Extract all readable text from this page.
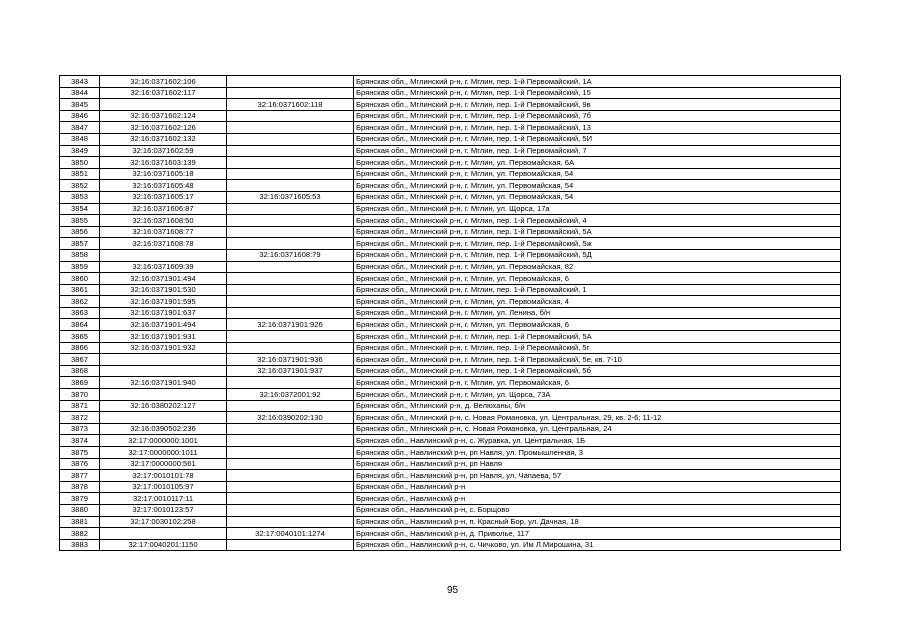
3843	32:16:0371602:106		Брянская обл., Мглинский р-н, г. Мглин, пер. 1-й Первомайский, 1А
3844	32:16:0371602:117		Брянская обл., Мглинский р-н, г. Мглин, пер. 1-й Первомайский, 15
3845		32:16:0371602:118	Брянская обл., Мглинский р-н, г. Мглин, пер. 1-й Первомайский, 9в
3846	32:16:0371602:124		Брянская обл., Мглинский р-н, г. Мглин, пер. 1-й Первомайский, 7б
3847	32:16:0371602:126		Брянская обл., Мглинский р-н, г. Мглин, пер. 1-й Первомайский, 13
3848	32:16:0371602:132		Брянская обл., Мглинский р-н, г. Мглин, пер. 1-й Первомайский, 5И
3849	32:16:0371602:59		Брянская обл., Мглинский р-н, г. Мглин, пер. 1-й Первомайский, 7
3850	32:16:0371603:139		Брянская обл., Мглинский р-н, г. Мглин, ул. Первомайская, 6А
3851	32:16:0371605:18		Брянская обл., Мглинский р-н, г. Мглин, ул. Первомайская, 54
3852	32:16:0371605:48		Брянская обл., Мглинский р-н, г. Мглин, ул. Первомайская, 54
3853	32:16:0371605:17	32:16:0371605:53	Брянская обл., Мглинский р-н, г. Мглин, ул. Первомайская, 54
3854	32:16:0371606:87		Брянская обл., Мглинский р-н, г. Мглин, ул. Щорса, 17а
3855	32:16:0371608:50		Брянская обл., Мглинский р-н, г. Мглин, пер. 1-й Первомайский, 4
3856	32:16:0371608:77		Брянская обл., Мглинский р-н, г. Мглин, пер. 1-й Первомайский, 5А
3857	32:16:0371608:78		Брянская обл., Мглинский р-н, г. Мглин, пер. 1-й Первомайский, 5ж
3858		32:16:0371608:79	Брянская обл., Мглинский р-н, г. Мглин, пер. 1-й Первомайский, 5Д
3859	32:16:0371609:39		Брянская обл., Мглинский р-н, г. Мглин, ул. Первомайская, 82
3860	32:16:0371901:494		Брянская обл., Мглинский р-н, г. Мглин, ул. Первомайская, 6
3861	32:16:0371901:530		Брянская обл., Мглинский р-н, г. Мглин, пер. 1-й Первомайский, 1
3862	32:16:0371901:595		Брянская обл., Мглинский р-н, г. Мглин, ул. Первомайская, 4
3863	32:16:0371901:637		Брянская обл., Мглинский р-н, г. Мглин, ул. Ленина, б/н
3864	32:16:0371901:494	32:16:0371901:926	Брянская обл., Мглинский р-н, г. Мглин, ул. Первомайская, 6
3865	32:16:0371901:931		Брянская обл., Мглинский р-н, г. Мглин, пер. 1-й Первомайский, 5А
3866	32:16:0371901:932		Брянская обл., Мглинский р-н, г. Мглин, пер. 1-й Первомайский, 5г
3867		32:16:0371901:936	Брянская обл., Мглинский р-н, г. Мглин, пер. 1-й Первомайский, 5е, кв. 7-10
3868		32:16:0371901:937	Брянская обл., Мглинский р-н, г. Мглин, пер. 1-й Первомайский, 5б
3869	32:16:0371901:940		Брянская обл., Мглинский р-н, г. Мглин, ул. Первомайская, 6
3870		32:16:0372001:92	Брянская обл., Мглинский р-н, г. Мглин, ул. Щорса, 73А
3871	32:16:0380202:127		Брянская обл., Мглинский р-н, д. Велюханы, б/н
3872		32:16:0390202:130	Брянская обл., Мглинский р-н, с. Новая Романовка, ул. Центральная, 29, кв. 2-6; 11-12
3873	32:16:0390502:236		Брянская обл., Мглинский р-н, с. Новая Романовка, ул. Центральная, 24
3874	32:17:0000000:1001		Брянская обл., Навлинский р-н, с. Журавка, ул. Центральная, 1Б
3875	32:17:0000000:1011		Брянская обл., Навлинский р-н, рп Навля, ул. Промышленная, 3
3876	32:17:0000000:561		Брянская обл., Навлинский р-н, рп Навля
3877	32:17:0010101:78		Брянская обл., Навлинский р-н, рп Навля, ул. Чапаева, 57
3878	32:17:0010105:97		Брянская обл., Навлинский р-н
3879	32:17:0010117:11		Брянская обл., Навлинский р-н
3880	32:17:0010123:57		Брянская обл., Навлинский р-н, с. Борщово
3881	32:17:0030102:258		Брянская обл., Навлинский р-н, п. Красный Бор, ул. Дачная, 18
3882		32:17:0040101:1274	Брянская обл., Навлинский р-н, д. Приволье, 117
3883	32:17:0040201:1150		Брянская обл., Навлинский р-н, с. Чичково, ул. Им Л.Мирошина, 31
95
